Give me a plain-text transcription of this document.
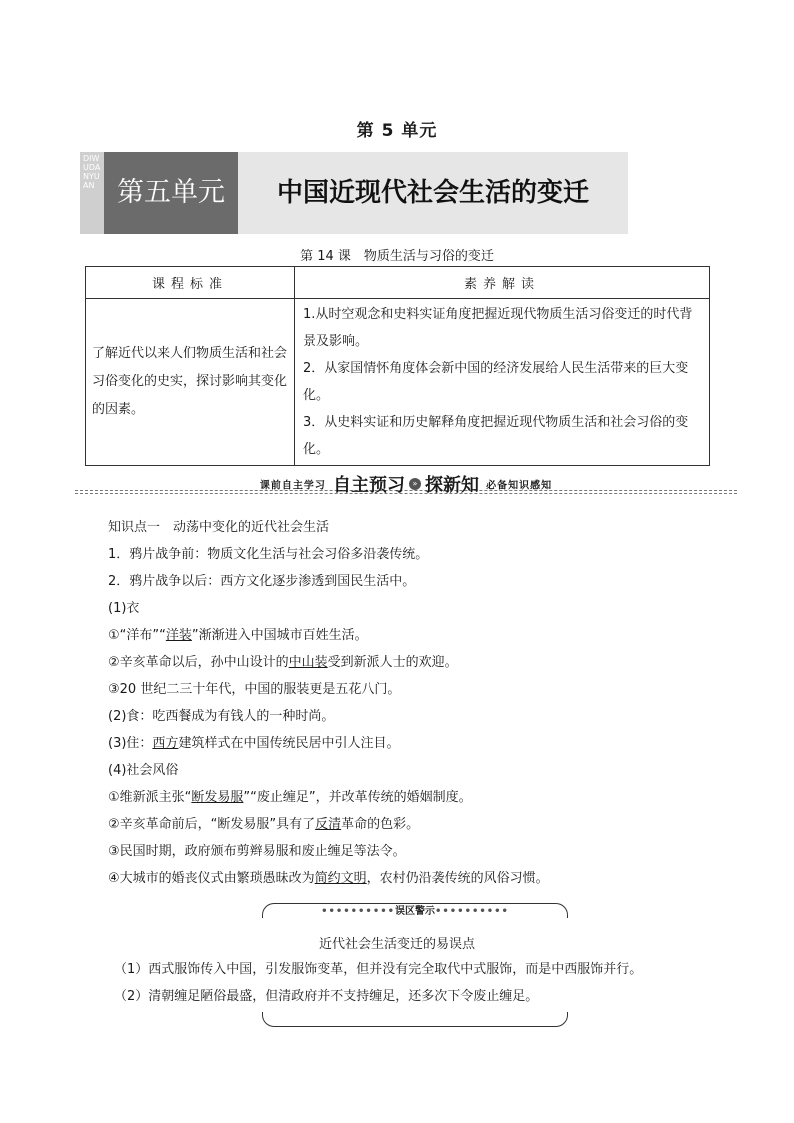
第 5 单元
DIWUDANYUAN 第五单元	中国近现代社会生活的变迁
第 14 课　物质生活与习俗的变迁
课程标准	素养解读
了解近代以来人们物质生活和社会习俗变化的史实，探讨影响其变化的因素。	1.从时空观念和史料实证角度把握近现代物质生活习俗变迁的时代背景及影响。
2．从家国情怀角度体会新中国的经济发展给人民生活带来的巨大变化。
3．从史料实证和历史解释角度把握近现代物质生活和社会习俗的变化。
课前自主学习 自主预习 » 探新知 必备知识感知
知识点一　动荡中变化的近代社会生活
1．鸦片战争前：物质文化生活与社会习俗多沿袭传统。
2．鸦片战争以后：西方文化逐步渗透到国民生活中。
(1)衣
①“洋布”“洋装”渐渐进入中国城市百姓生活。
②辛亥革命以后，孙中山设计的中山装受到新派人士的欢迎。
③20 世纪二三十年代，中国的服装更是五花八门。
(2)食：吃西餐成为有钱人的一种时尚。
(3)住：西方建筑样式在中国传统民居中引人注目。
(4)社会风俗
①维新派主张“断发易服”“废止缠足”，并改革传统的婚姻制度。
②辛亥革命前后，“断发易服”具有了反清革命的色彩。
③民国时期，政府颁布剪辫易服和废止缠足等法令。
④大城市的婚丧仪式由繁琐愚昧改为简约文明，农村仍沿袭传统的风俗习惯。
••••••••••误区警示••••••••••
近代社会生活变迁的易误点
（1）西式服饰传入中国，引发服饰变革，但并没有完全取代中式服饰，而是中西服饰并行。
（2）清朝缠足陋俗最盛，但清政府并不支持缠足，还多次下令废止缠足。
